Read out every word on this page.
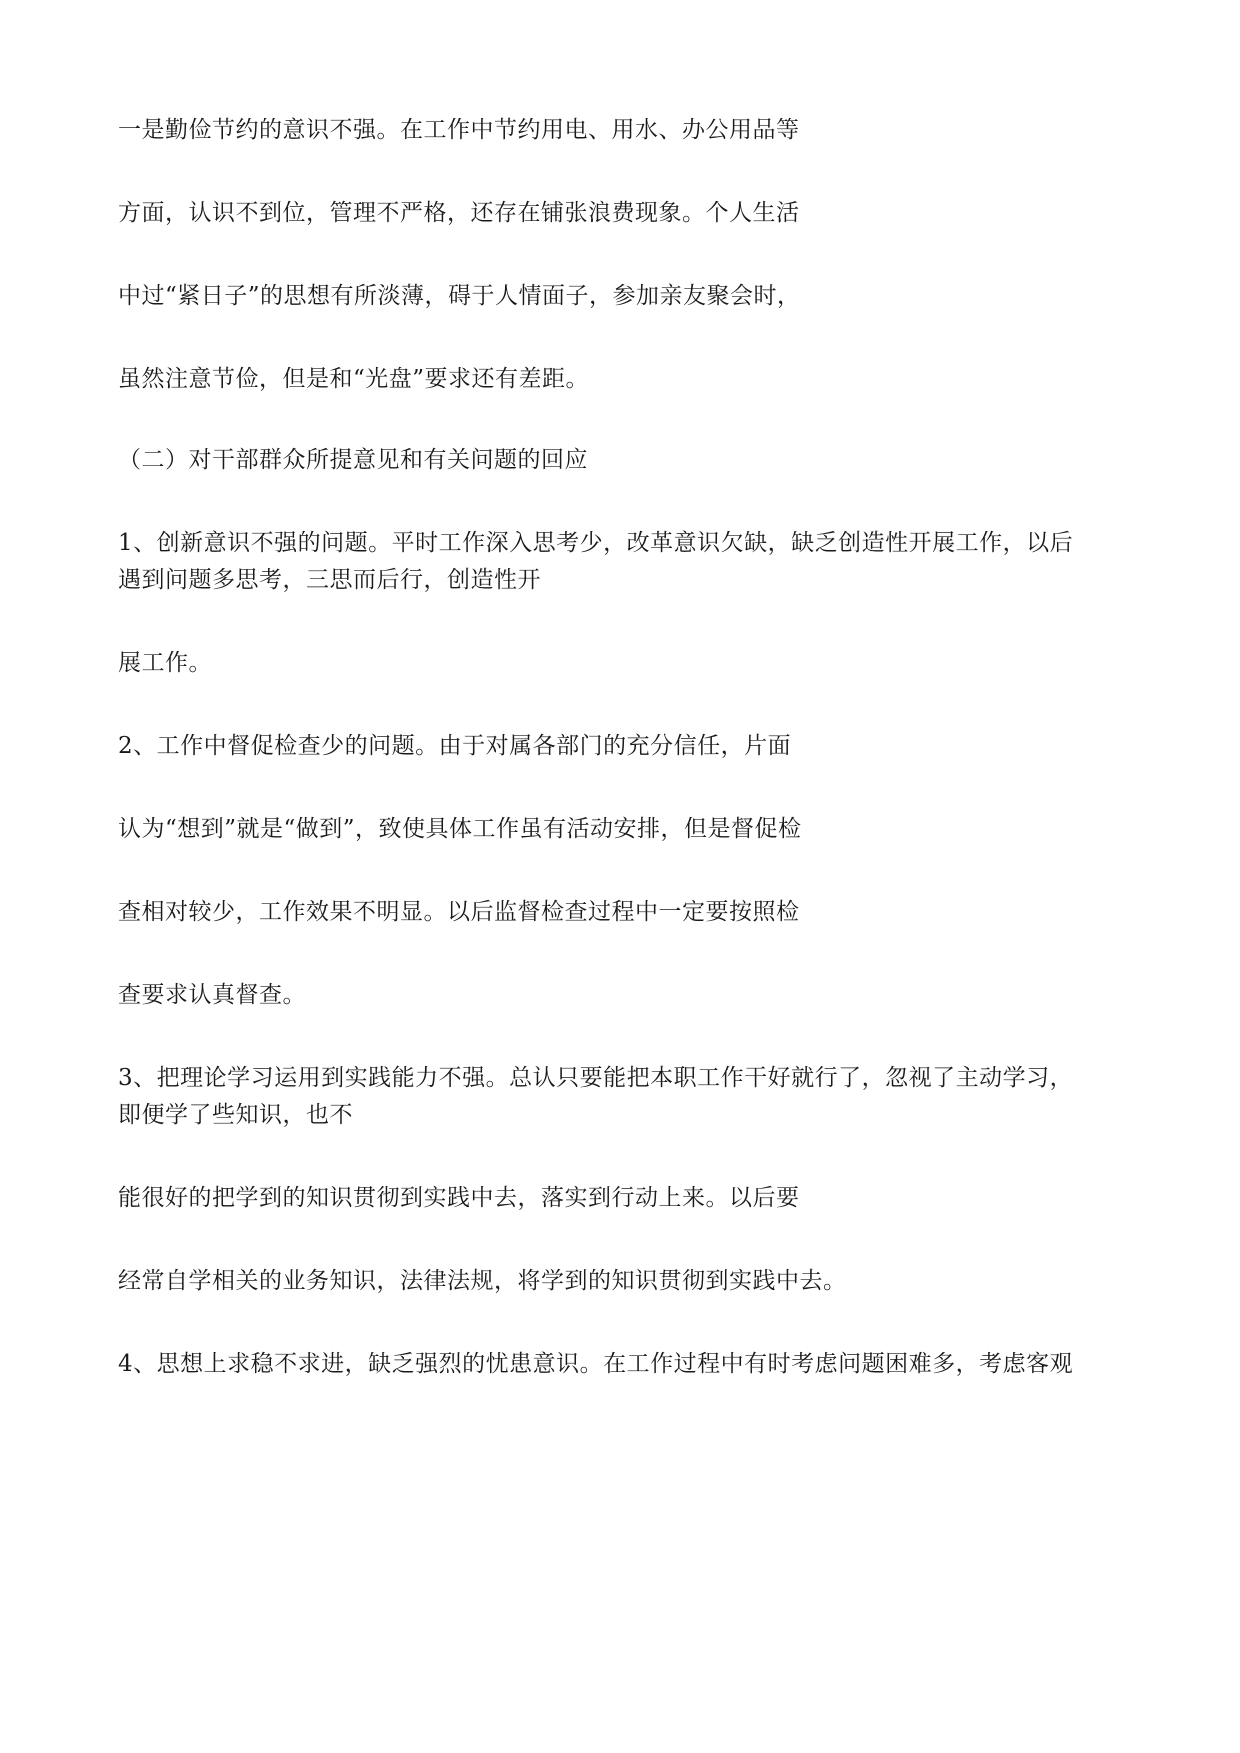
一是勤俭节约的意识不强。在工作中节约用电、用水、办公用品等
方面，认识不到位，管理不严格，还存在铺张浪费现象。个人生活
中过“紧日子”的思想有所淡薄，碍于人情面子，参加亲友聚会时，
虽然注意节俭，但是和“光盘”要求还有差距。
（二）对干部群众所提意见和有关问题的回应
1、创新意识不强的问题。平时工作深入思考少，改革意识欠缺，缺乏创造性开展工作，以后
遇到问题多思考，三思而后行，创造性开
展工作。
2、工作中督促检查少的问题。由于对属各部门的充分信任，片面
认为“想到”就是“做到”，致使具体工作虽有活动安排，但是督促检
查相对较少，工作效果不明显。以后监督检查过程中一定要按照检
查要求认真督查。
3、把理论学习运用到实践能力不强。总认只要能把本职工作干好就行了，忽视了主动学习，
即便学了些知识，也不
能很好的把学到的知识贯彻到实践中去，落实到行动上来。以后要
经常自学相关的业务知识，法律法规，将学到的知识贯彻到实践中去。
4、思想上求稳不求进，缺乏强烈的忧患意识。在工作过程中有时考虑问题困难多，考虑客观
